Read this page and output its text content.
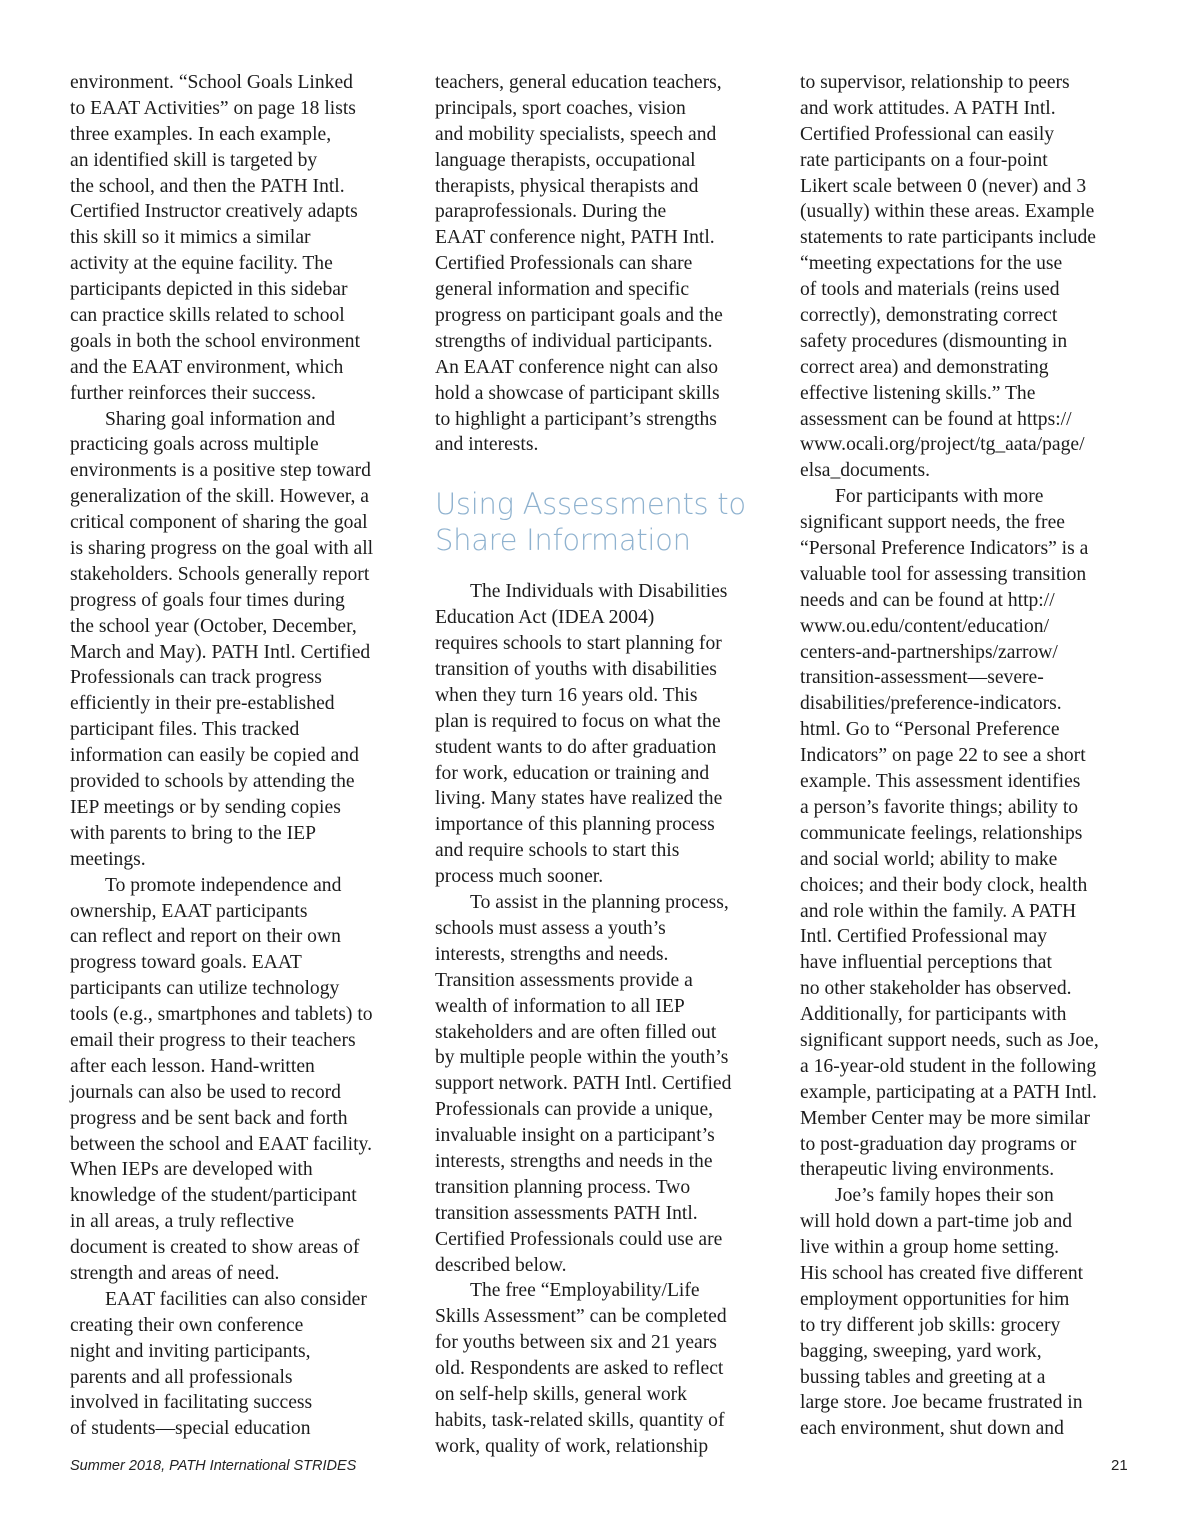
environment. “School Goals Linked
to EAAT Activities” on page 18 lists
three examples. In each example,
an identified skill is targeted by
the school, and then the PATH Intl.
Certified Instructor creatively adapts
this skill so it mimics a similar
activity at the equine facility. The
participants depicted in this sidebar
can practice skills related to school
goals in both the school environment
and the EAAT environment, which
further reinforces their success.
Sharing goal information and
practicing goals across multiple
environments is a positive step toward
generalization of the skill. However, a
critical component of sharing the goal
is sharing progress on the goal with all
stakeholders. Schools generally report
progress of goals four times during
the school year (October, December,
March and May). PATH Intl. Certified
Professionals can track progress
efficiently in their pre-established
participant files. This tracked
information can easily be copied and
provided to schools by attending the
IEP meetings or by sending copies
with parents to bring to the IEP
meetings.
To promote independence and
ownership, EAAT participants
can reflect and report on their own
progress toward goals. EAAT
participants can utilize technology
tools (e.g., smartphones and tablets) to
email their progress to their teachers
after each lesson. Hand-written
journals can also be used to record
progress and be sent back and forth
between the school and EAAT facility.
When IEPs are developed with
knowledge of the student/participant
in all areas, a truly reflective
document is created to show areas of
strength and areas of need.
EAAT facilities can also consider
creating their own conference
night and inviting participants,
parents and all professionals
involved in facilitating success
of students—special education
teachers, general education teachers,
principals, sport coaches, vision
and mobility specialists, speech and
language therapists, occupational
therapists, physical therapists and
paraprofessionals. During the
EAAT conference night, PATH Intl.
Certified Professionals can share
general information and specific
progress on participant goals and the
strengths of individual participants.
An EAAT conference night can also
hold a showcase of participant skills
to highlight a participant’s strengths
and interests.
Using Assessments to
Share Information
The Individuals with Disabilities
Education Act (IDEA 2004)
requires schools to start planning for
transition of youths with disabilities
when they turn 16 years old. This
plan is required to focus on what the
student wants to do after graduation
for work, education or training and
living. Many states have realized the
importance of this planning process
and require schools to start this
process much sooner.
To assist in the planning process,
schools must assess a youth’s
interests, strengths and needs.
Transition assessments provide a
wealth of information to all IEP
stakeholders and are often filled out
by multiple people within the youth’s
support network. PATH Intl. Certified
Professionals can provide a unique,
invaluable insight on a participant’s
interests, strengths and needs in the
transition planning process. Two
transition assessments PATH Intl.
Certified Professionals could use are
described below.
The free “Employability/Life
Skills Assessment” can be completed
for youths between six and 21 years
old. Respondents are asked to reflect
on self-help skills, general work
habits, task-related skills, quantity of
work, quality of work, relationship
to supervisor, relationship to peers
and work attitudes. A PATH Intl.
Certified Professional can easily
rate participants on a four-point
Likert scale between 0 (never) and 3
(usually) within these areas. Example
statements to rate participants include
“meeting expectations for the use
of tools and materials (reins used
correctly), demonstrating correct
safety procedures (dismounting in
correct area) and demonstrating
effective listening skills.” The
assessment can be found at https://
www.ocali.org/project/tg_aata/page/
elsa_documents.
For participants with more
significant support needs, the free
“Personal Preference Indicators” is a
valuable tool for assessing transition
needs and can be found at http://
www.ou.edu/content/education/
centers-and-partnerships/zarrow/
transition-assessment—severe-
disabilities/preference-indicators.
html. Go to “Personal Preference
Indicators” on page 22 to see a short
example. This assessment identifies
a person’s favorite things; ability to
communicate feelings, relationships
and social world; ability to make
choices; and their body clock, health
and role within the family. A PATH
Intl. Certified Professional may
have influential perceptions that
no other stakeholder has observed.
Additionally, for participants with
significant support needs, such as Joe,
a 16-year-old student in the following
example, participating at a PATH Intl.
Member Center may be more similar
to post-graduation day programs or
therapeutic living environments.
Joe’s family hopes their son
will hold down a part-time job and
live within a group home setting.
His school has created five different
employment opportunities for him
to try different job skills: grocery
bagging, sweeping, yard work,
bussing tables and greeting at a
large store. Joe became frustrated in
each environment, shut down and
Summer 2018, PATH International STRIDES	21
